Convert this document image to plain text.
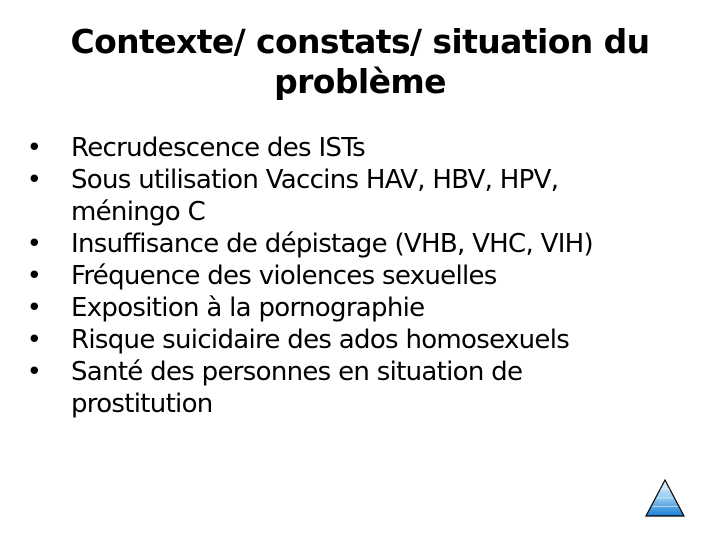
Contexte/ constats/ situation du problème
• Recrudescence des ISTs
• Sous utilisation Vaccins HAV, HBV, HPV, méningo C
• Insuffisance de dépistage (VHB, VHC, VIH)
• Fréquence des violences sexuelles
• Exposition à la pornographie
• Risque suicidaire des ados homosexuels
• Santé des personnes en situation de prostitution
